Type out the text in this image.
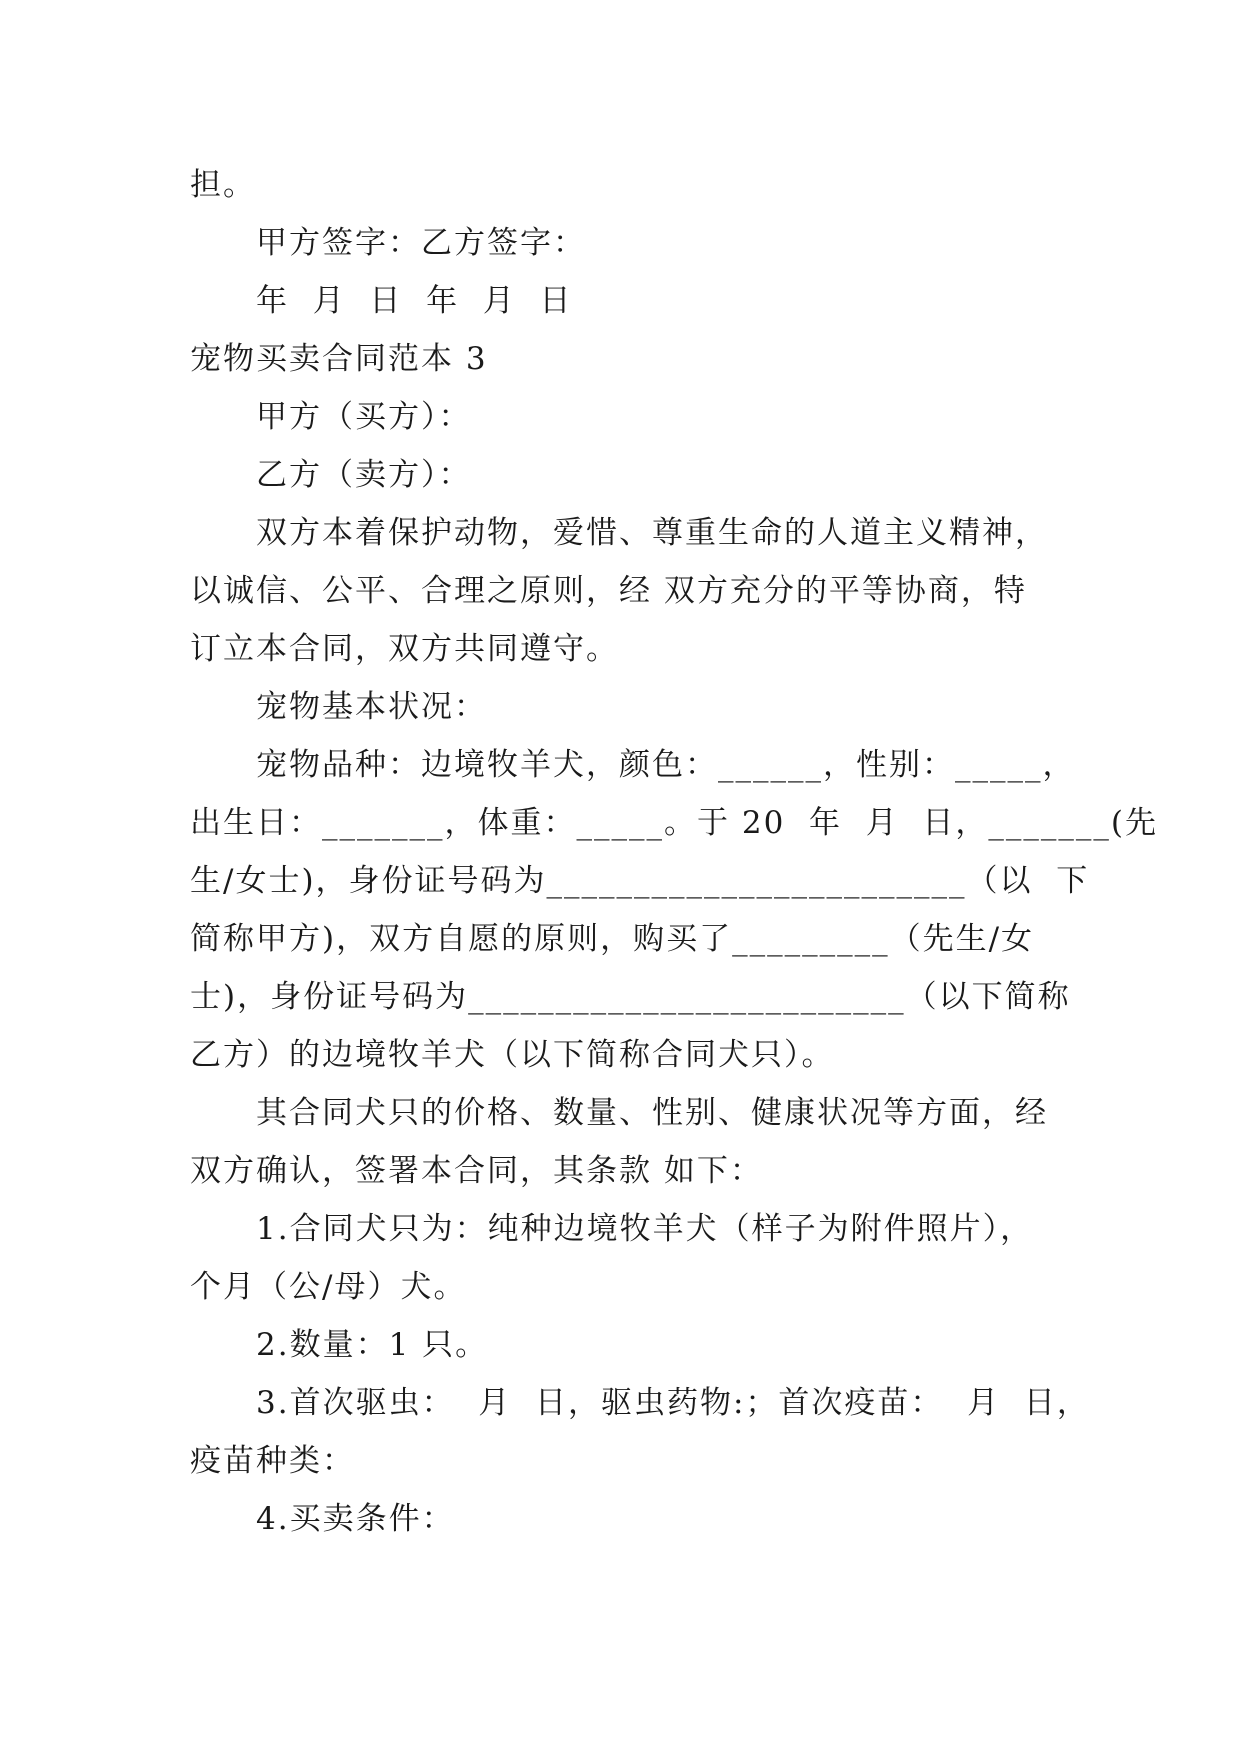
担。
甲方签字：乙方签字：
年  月  日  年  月  日
宠物买卖合同范本 3
甲方（买方）：
乙方（卖方）：
双方本着保护动物，爱惜、尊重生命的人道主义精神，
以诚信、公平、合理之原则，经 双方充分的平等协商，特
订立本合同，双方共同遵守。
宠物基本状况：
宠物品种：边境牧羊犬，颜色：______，性别：_____，
出生日：_______，体重：_____。于 20  年  月  日，_______(先
生/女士)，身份证号码为________________________（以  下
简称甲方)，双方自愿的原则，购买了_________（先生/女
士)，身份证号码为_________________________（以下简称
乙方）的边境牧羊犬（以下简称合同犬只）。
其合同犬只的价格、数量、性别、健康状况等方面，经
双方确认，签署本合同，其条款 如下：
1.合同犬只为：纯种边境牧羊犬（样子为附件照片），
个月（公/母）犬。
2.数量：1 只。
3.首次驱虫：  月  日，驱虫药物:；首次疫苗：  月  日，
疫苗种类：
4.买卖条件：
